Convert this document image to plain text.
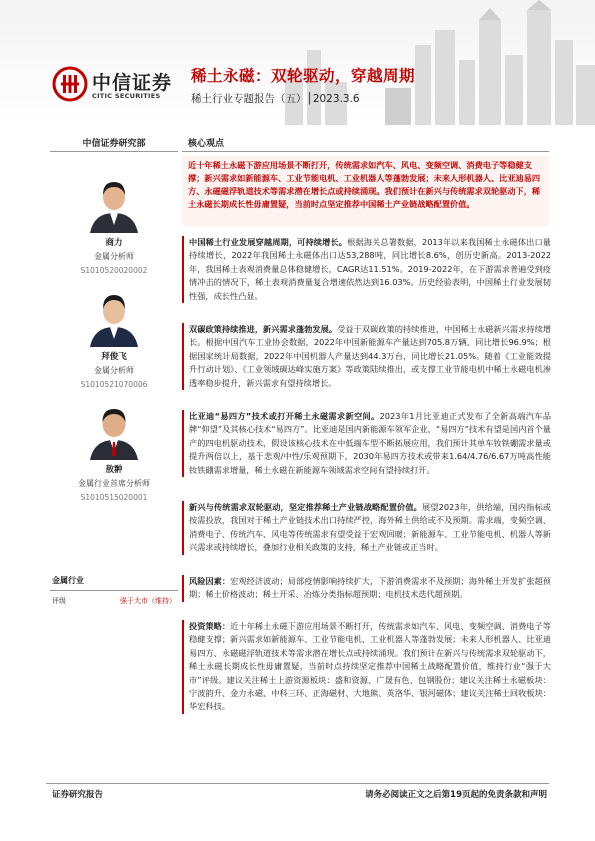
中信证券
CITIC SECURITIES
稀土永磁：双轮驱动，穿越周期
稀土行业专题报告（五）│2023.3.6
中信证券研究部
商力
金属分析师
S1010520020002
拜俊飞
金属分析师
S1010521070006
敖翀
金属行业首席分析师
S1010515020001
金属行业
评级	强于大市（维持）
核心观点
近十年稀土永磁下游应用场景不断打开，传统需求如汽车、风电、变频空调、消费电子等稳健支撑；新兴需求如新能源车、工业节能电机、工业机器人等蓬勃发展；未来人形机器人、比亚迪易四方、永磁磁浮轨道技术等需求潜在增长点或持续涌现。我们预计在新兴与传统需求双轮驱动下，稀土永磁长期成长性毋庸置疑，当前时点坚定推荐中国稀土产业链战略配置价值。

中国稀土行业发展穿越周期，可持续增长。根据海关总署数据，2013年以来我国稀土永磁体出口量持续增长，2022年我国稀土永磁体出口达53,288吨，同比增长8.6%，创历史新高。2013-2022年，我国稀土表观消费量总体稳健增长，CAGR达11.51%。2019-2022年，在下游需求普遍受到疫情冲击的情况下，稀土表观消费量复合增速依然达到16.03%。历史经验表明，中国稀土行业发展韧性强，成长性凸显。

双碳政策持续推进，新兴需求蓬勃发展。受益于双碳政策的持续推进，中国稀土永磁新兴需求持续增长。根据中国汽车工业协会数据，2022年中国新能源车产量达到705.8万辆，同比增长96.9%；根据国家统计局数据，2022年中国机器人产量达到44.3万台，同比增长21.05%。随着《工业能效提升行动计划》、《工业领域碳达峰实施方案》等政策陆续推出，或支撑工业节能电机中稀土永磁电机渗透率稳步提升，新兴需求有望持续增长。

比亚迪“易四方”技术或打开稀土永磁需求新空间。2023年1月比亚迪正式发布了全新高端汽车品牌“仰望”及其核心技术“易四方”。比亚迪是国内新能源车领军企业，“易四方”技术有望是国内首个量产的四电机驱动技术，假设该核心技术在中低端车型不断拓展应用，我们预计其单车钕铁硼需求量或提升两倍以上，基于悲观/中性/乐观预期下，2030年易四方技术或带来1.64/4.76/6.67万吨高性能钕铁硼需求增量，稀土永磁在新能源车领域需求空间有望持续打开。

新兴与传统需求双轮驱动，坚定推荐稀土产业链战略配置价值。展望2023年，供给端，国内指标或按需投放，我国对于稀土产业链技术出口持续严控，海外稀土供给或不及预期。需求端，变频空调、消费电子、传统汽车、风电等传统需求有望受益于宏观回暖；新能源车、工业节能电机、机器人等新兴需求或持续增长，叠加行业相关政策的支持，稀土产业链或正当时。

风险因素：宏观经济波动；局部疫情影响持续扩大，下游消费需求不及预期；海外稀土开发扩张超预期；稀土价格波动；稀土开采、冶炼分类指标超预期；电机技术迭代超预期。

投资策略：近十年稀土永磁下游应用场景不断打开，传统需求如汽车、风电、变频空调、消费电子等稳健支撑；新兴需求如新能源车、工业节能电机、工业机器人等蓬勃发展；未来人形机器人、比亚迪易四方、永磁磁浮轨道技术等需求潜在增长点或持续涌现。我们预计在新兴与传统需求双轮驱动下，稀土永磁长期成长性毋庸置疑，当前时点持续坚定推荐中国稀土战略配置价值，维持行业“强于大市”评级。建议关注稀土上游资源板块：盛和资源、广晟有色、包钢股份；建议关注稀土永磁板块：宁波韵升、金力永磁、中科三环、正海磁材、大地熊、英洛华、银河磁体；建议关注稀土回收板块：华宏科技。

证券研究报告	请务必阅读正文之后第19页起的免责条款和声明
